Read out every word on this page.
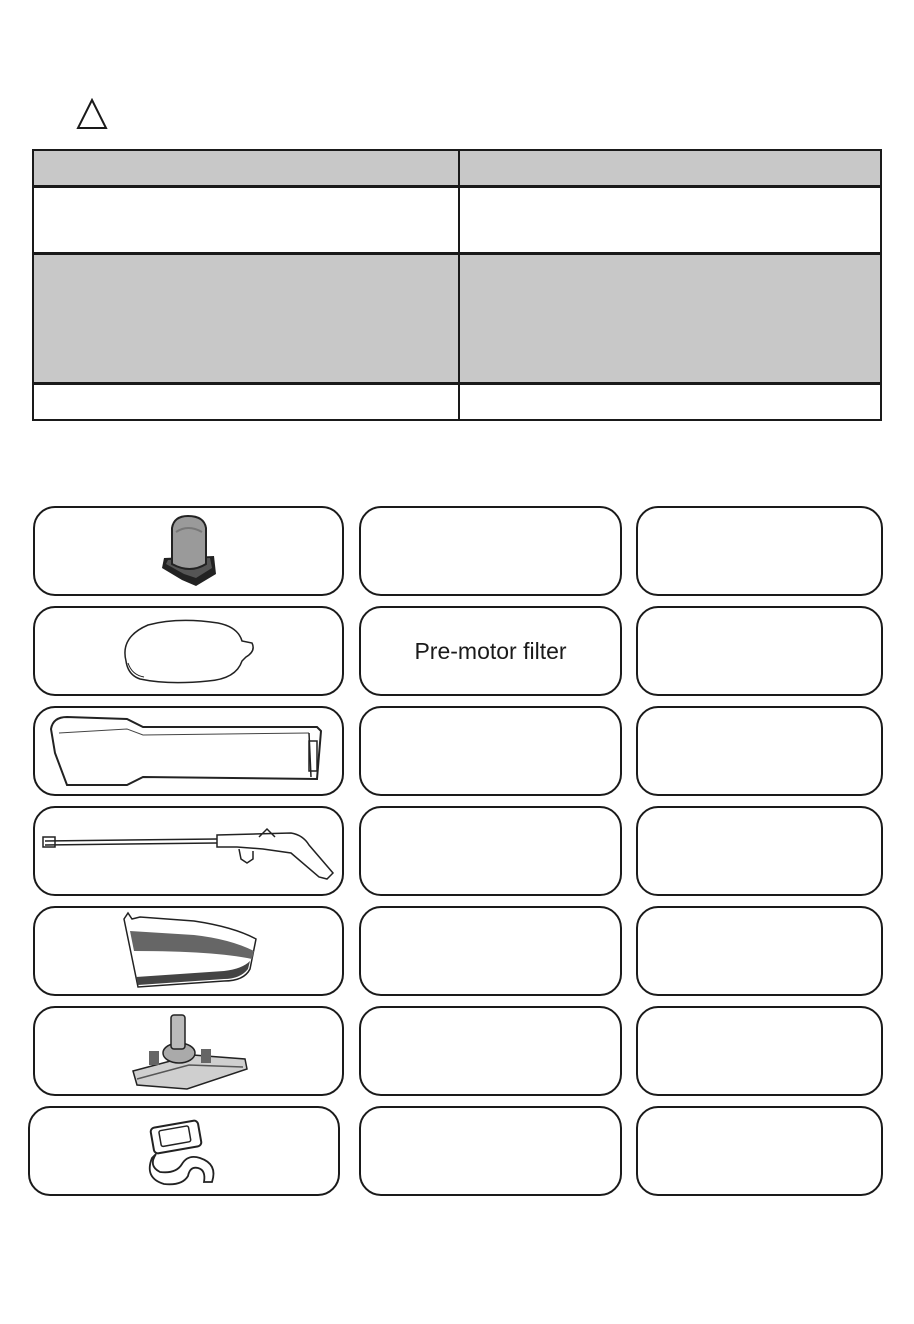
Pre-motor filter
